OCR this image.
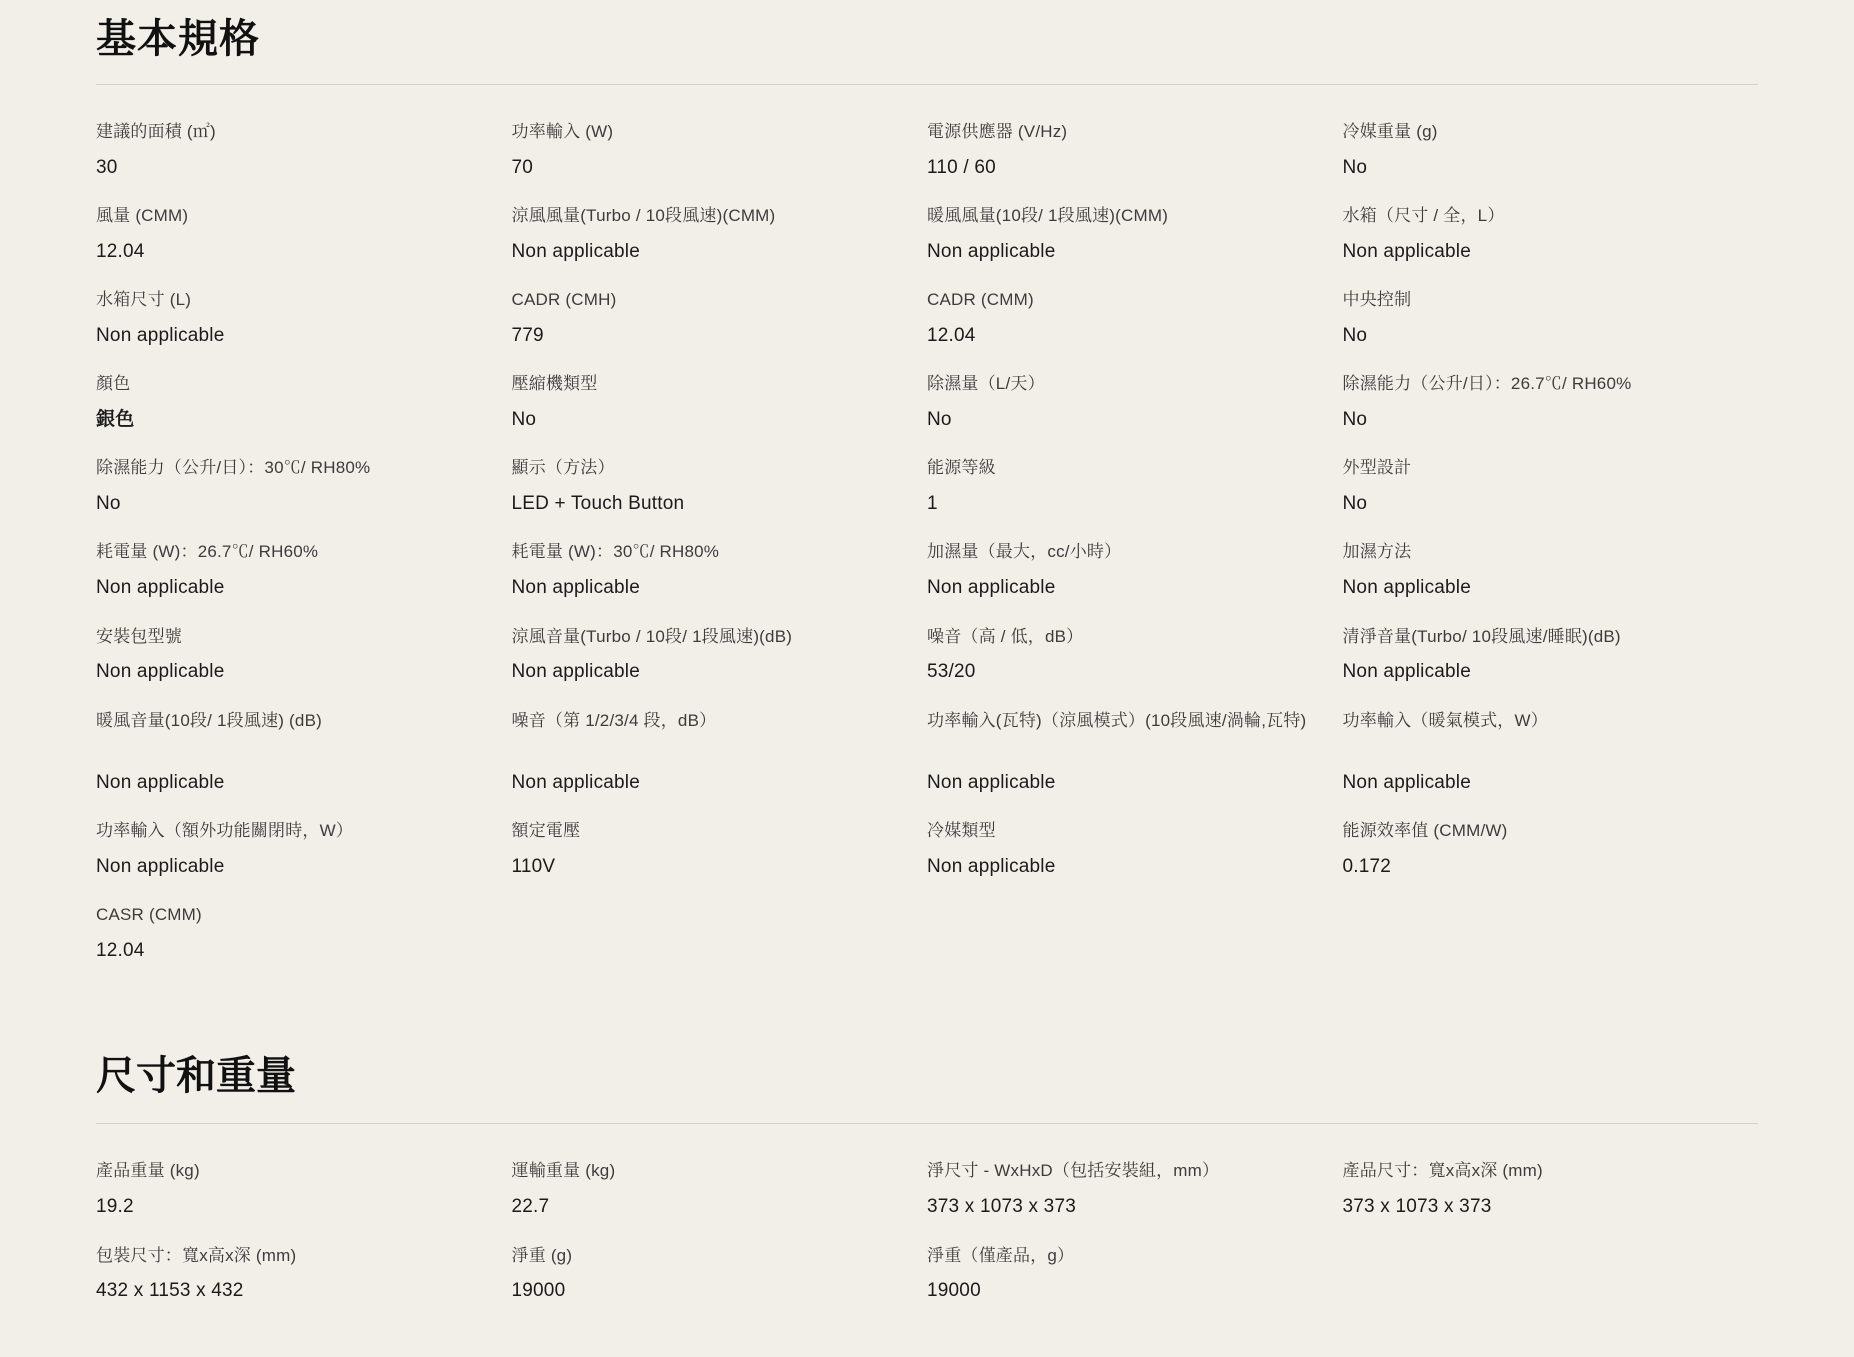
基本規格
建議的面積 (㎡)
30
風量 (CMM)
12.04
水箱尺寸 (L)
Non applicable
顏色
銀色
除濕能力（公升/日）：30℃/ RH80%
No
耗電量 (W)：26.7℃/ RH60%
Non applicable
安裝包型號
Non applicable
暖風音量(10段/ 1段風速) (dB)
Non applicable
功率輸入（額外功能關閉時，W）
Non applicable
CASR (CMM)
12.04
功率輸入 (W)
70
涼風風量(Turbo / 10段風速)(CMM)
Non applicable
CADR (CMH)
779
壓縮機類型
No
顯示（方法）
LED + Touch Button
耗電量 (W)：30℃/ RH80%
Non applicable
涼風音量(Turbo / 10段/ 1段風速)(dB)
Non applicable
噪音（第 1/2/3/4 段，dB）
Non applicable
額定電壓
110V
電源供應器 (V/Hz)
110 / 60
暖風風量(10段/ 1段風速)(CMM)
Non applicable
CADR (CMM)
12.04
除濕量（L/天）
No
能源等級
1
加濕量（最大，cc/小時）
Non applicable
噪音（高 / 低，dB）
53/20
功率輸入(瓦特)（涼風模式）(10段風速/渦輪,瓦特)
Non applicable
冷媒類型
Non applicable
冷媒重量 (g)
No
水箱（尺寸 / 全，L）
Non applicable
中央控制
No
除濕能力（公升/日）：26.7℃/ RH60%
No
外型設計
No
加濕方法
Non applicable
清淨音量(Turbo/ 10段風速/睡眠)(dB)
Non applicable
功率輸入（暖氣模式，W）
Non applicable
能源效率值 (CMM/W)
0.172
尺寸和重量
產品重量 (kg)
19.2
包裝尺寸：寬x高x深 (mm)
432 x 1153 x 432
運輸重量 (kg)
22.7
淨重 (g)
19000
淨尺寸 - WxHxD（包括安裝組，mm）
373 x 1073 x 373
淨重（僅產品，g）
19000
產品尺寸：寬x高x深 (mm)
373 x 1073 x 373
